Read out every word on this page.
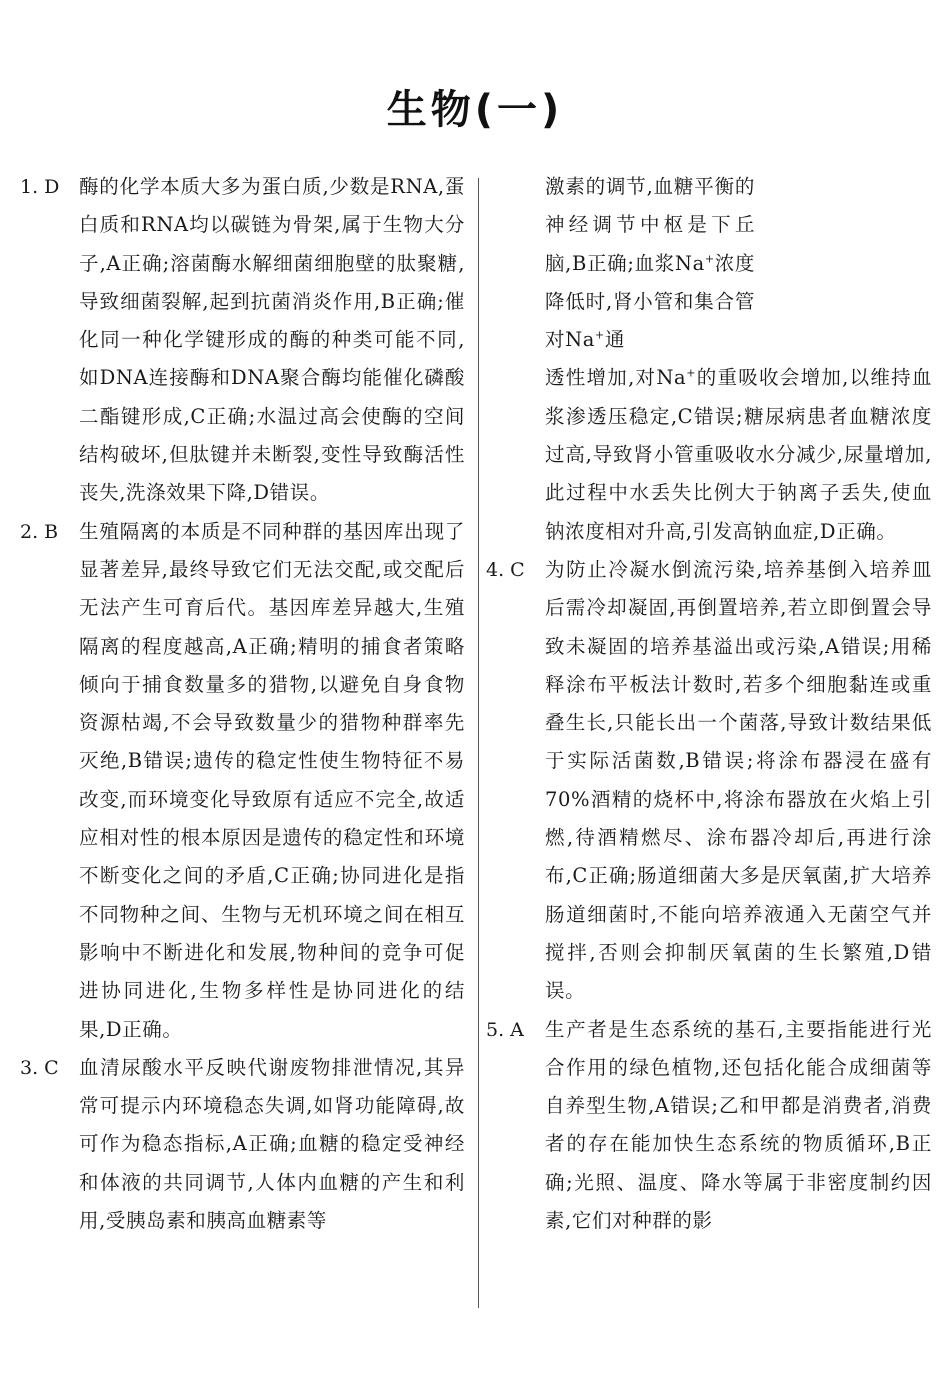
生物(一)
1. D 酶的化学本质大多为蛋白质,少数是RNA,蛋白质和RNA均以碳链为骨架,属于生物大分子,A正确;溶菌酶水解细菌细胞壁的肽聚糖,导致细菌裂解,起到抗菌消炎作用,B正确;催化同一种化学键形成的酶的种类可能不同,如DNA连接酶和DNA聚合酶均能催化磷酸二酯键形成,C正确;水温过高会使酶的空间结构破坏,但肽键并未断裂,变性导致酶活性丧失,洗涤效果下降,D错误。

2. B 生殖隔离的本质是不同种群的基因库出现了显著差异,最终导致它们无法交配,或交配后无法产生可育后代。基因库差异越大,生殖隔离的程度越高,A正确;精明的捕食者策略倾向于捕食数量多的猎物,以避免自身食物资源枯竭,不会导致数量少的猎物种群率先灭绝,B错误;遗传的稳定性使生物特征不易改变,而环境变化导致原有适应不完全,故适应相对性的根本原因是遗传的稳定性和环境不断变化之间的矛盾,C正确;协同进化是指不同物种之间、生物与无机环境之间在相互影响中不断进化和发展,物种间的竞争可促进协同进化,生物多样性是协同进化的结果,D正确。

3. C 血清尿酸水平反映代谢废物排泄情况,其异常可提示内环境稳态失调,如肾功能障碍,故可作为稳态指标,A正确;血糖的稳定受神经和体液的共同调节,人体内血糖的产生和利用,受胰岛素和胰高血糖素等

激素的调节,血糖平衡的神经调节中枢是下丘脑,B正确;血浆Na+浓度降低时,肾小管和集合管对Na+通

透性增加,对Na+的重吸收会增加,以维持血浆渗透压稳定,C错误;糖尿病患者血糖浓度过高,导致肾小管重吸收水分减少,尿量增加,此过程中水丢失比例大于钠离子丢失,使血钠浓度相对升高,引发高钠血症,D正确。

4. C 为防止冷凝水倒流污染,培养基倒入培养皿后需冷却凝固,再倒置培养,若立即倒置会导致未凝固的培养基溢出或污染,A错误;用稀释涂布平板法计数时,若多个细胞黏连或重叠生长,只能长出一个菌落,导致计数结果低于实际活菌数,B错误;将涂布器浸在盛有70%酒精的烧杯中,将涂布器放在火焰上引燃,待酒精燃尽、涂布器冷却后,再进行涂布,C正确;肠道细菌大多是厌氧菌,扩大培养肠道细菌时,不能向培养液通入无菌空气并搅拌,否则会抑制厌氧菌的生长繁殖,D错误。

5. A 生产者是生态系统的基石,主要指能进行光合作用的绿色植物,还包括化能合成细菌等自养型生物,A错误;乙和甲都是消费者,消费者的存在能加快生态系统的物质循环,B正确;光照、温度、降水等属于非密度制约因素,它们对种群的影
